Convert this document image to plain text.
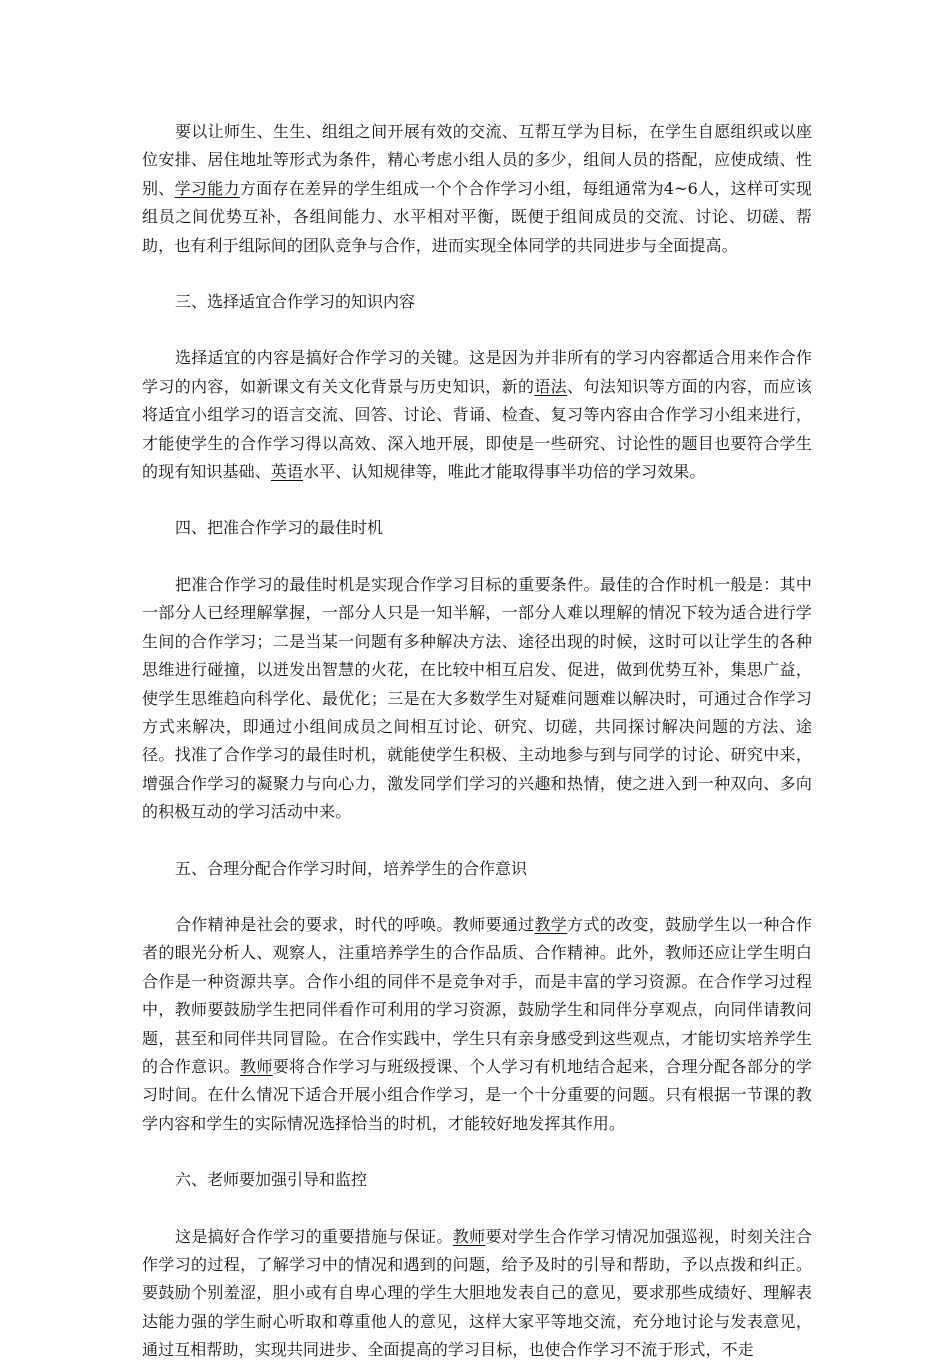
要以让师生、生生、组组之间开展有效的交流、互帮互学为目标，在学生自愿组织或以座位安排、居住地址等形式为条件，精心考虑小组人员的多少，组间人员的搭配，应使成绩、性别、学习能力方面存在差异的学生组成一个个合作学习小组，每组通常为4~6人，这样可实现组员之间优势互补，各组间能力、水平相对平衡，既便于组间成员的交流、讨论、切磋、帮助，也有利于组际间的团队竞争与合作，进而实现全体同学的共同进步与全面提高。

三、选择适宜合作学习的知识内容

选择适宜的内容是搞好合作学习的关键。这是因为并非所有的学习内容都适合用来作合作学习的内容，如新课文有关文化背景与历史知识，新的语法、句法知识等方面的内容，而应该将适宜小组学习的语言交流、回答、讨论、背诵、检查、复习等内容由合作学习小组来进行，才能使学生的合作学习得以高效、深入地开展，即使是一些研究、讨论性的题目也要符合学生的现有知识基础、英语水平、认知规律等，唯此才能取得事半功倍的学习效果。

四、把准合作学习的最佳时机

把准合作学习的最佳时机是实现合作学习目标的重要条件。最佳的合作时机一般是：其中一部分人已经理解掌握，一部分人只是一知半解，一部分人难以理解的情况下较为适合进行学生间的合作学习；二是当某一问题有多种解决方法、途径出现的时候，这时可以让学生的各种思维进行碰撞，以迸发出智慧的火花，在比较中相互启发、促进，做到优势互补，集思广益，使学生思维趋向科学化、最优化；三是在大多数学生对疑难问题难以解决时，可通过合作学习方式来解决，即通过小组间成员之间相互讨论、研究、切磋，共同探讨解决问题的方法、途径。找准了合作学习的最佳时机，就能使学生积极、主动地参与到与同学的讨论、研究中来，增强合作学习的凝聚力与向心力，激发同学们学习的兴趣和热情，使之进入到一种双向、多向的积极互动的学习活动中来。

五、合理分配合作学习时间，培养学生的合作意识

合作精神是社会的要求，时代的呼唤。教师要通过教学方式的改变，鼓励学生以一种合作者的眼光分析人、观察人，注重培养学生的合作品质、合作精神。此外，教师还应让学生明白合作是一种资源共享。合作小组的同伴不是竞争对手，而是丰富的学习资源。在合作学习过程中，教师要鼓励学生把同伴看作可利用的学习资源，鼓励学生和同伴分享观点，向同伴请教问题，甚至和同伴共同冒险。在合作实践中，学生只有亲身感受到这些观点，才能切实培养学生的合作意识。教师要将合作学习与班级授课、个人学习有机地结合起来，合理分配各部分的学习时间。在什么情况下适合开展小组合作学习，是一个十分重要的问题。只有根据一节课的教学内容和学生的实际情况选择恰当的时机，才能较好地发挥其作用。

六、老师要加强引导和监控

这是搞好合作学习的重要措施与保证。教师要对学生合作学习情况加强巡视，时刻关注合作学习的过程，了解学习中的情况和遇到的问题，给予及时的引导和帮助，予以点拨和纠正。要鼓励个别羞涩，胆小或有自卑心理的学生大胆地发表自己的意见，要求那些成绩好、理解表达能力强的学生耐心听取和尊重他人的意见，这样大家平等地交流，充分地讨论与发表意见，通过互相帮助，实现共同进步、全面提高的学习目标，也使合作学习不流于形式，不走
